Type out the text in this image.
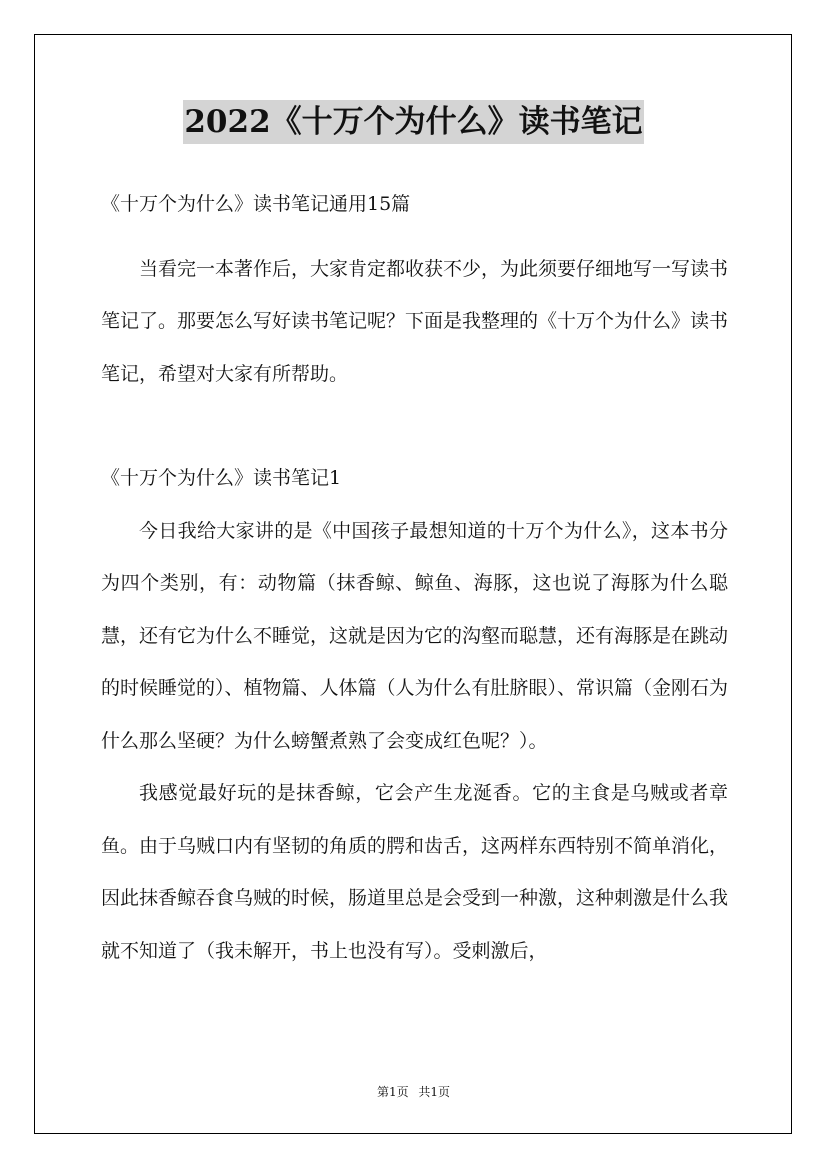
2022《十万个为什么》读书笔记

《十万个为什么》读书笔记通用15篇

当看完一本著作后，大家肯定都收获不少，为此须要仔细地写一写读书笔记了。那要怎么写好读书笔记呢？下面是我整理的《十万个为什么》读书笔记，希望对大家有所帮助。

《十万个为什么》读书笔记1

今日我给大家讲的是《中国孩子最想知道的十万个为什么》，这本书分为四个类别，有：动物篇（抹香鲸、鲸鱼、海豚，这也说了海豚为什么聪慧，还有它为什么不睡觉，这就是因为它的沟壑而聪慧，还有海豚是在跳动的时候睡觉的）、植物篇、人体篇（人为什么有肚脐眼）、常识篇（金刚石为什么那么坚硬？为什么螃蟹煮熟了会变成红色呢？）。

我感觉最好玩的是抹香鲸，它会产生龙涎香。它的主食是乌贼或者章鱼。由于乌贼口内有坚韧的角质的腭和齿舌，这两样东西特别不简单消化，因此抹香鲸吞食乌贼的时候，肠道里总是会受到一种激，这种刺激是什么我就不知道了（我未解开，书上也没有写）。受刺激后，

第1页 共1页
